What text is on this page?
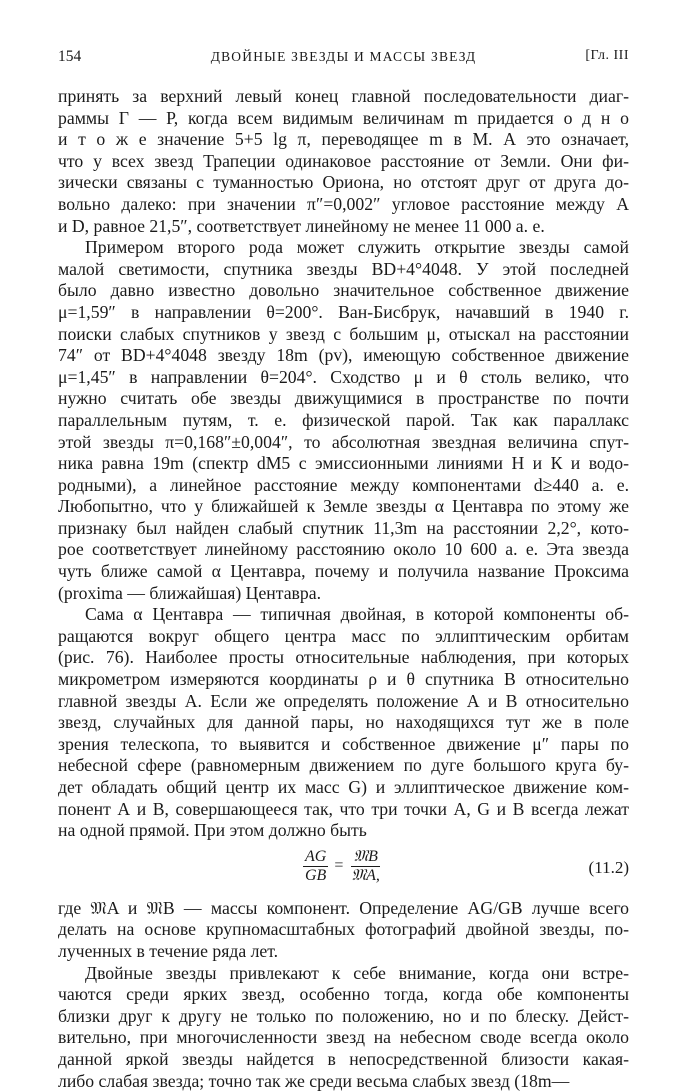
154	ДВОЙНЫЕ ЗВЕЗДЫ И МАССЫ ЗВЕЗД	[Гл. III

принять за верхний левый конец главной последовательности диаг-

раммы Г — Р, когда всем видимым величинам m придается о д н о

и т о ж е значение 5+5 lg π, переводящее m в M. А это означает,

что у всех звезд Трапеции одинаковое расстояние от Земли. Они фи-

зически связаны с туманностью Ориона, но отстоят друг от друга до-

вольно далеко: при значении π″=0,002″ угловое расстояние между А

и D, равное 21,5″, соответствует линейному не менее 11 000 а. е.

Примером второго рода может служить открытие звезды самой

малой светимости, спутника звезды BD+4°4048. У этой последней

было давно известно довольно значительное собственное движение

μ=1,59″ в направлении θ=200°. Ван-Бисбрук, начавший в 1940 г.

поиски слабых спутников у звезд с большим μ, отыскал на расстоянии

74″ от BD+4°4048 звезду 18m (pv), имеющую собственное движение

μ=1,45″ в направлении θ=204°. Сходство μ и θ столь велико, что

нужно считать обе звезды движущимися в пространстве по почти

параллельным путям, т. е. физической парой. Так как параллакс

этой звезды π=0,168″±0,004″, то абсолютная звездная величина спут-

ника равна 19m (спектр dM5 с эмиссионными линиями Н и К и водо-

родными), а линейное расстояние между компонентами d≥440 а. е.

Любопытно, что у ближайшей к Земле звезды α Центавра по этому же

признаку был найден слабый спутник 11,3m на расстоянии 2,2°, кото-

рое соответствует линейному расстоянию около 10 600 а. е. Эта звезда

чуть ближе самой α Центавра, почему и получила название Проксима

(proxima — ближайшая) Центавра.

Сама α Центавра — типичная двойная, в которой компоненты об-

ращаются вокруг общего центра масс по эллиптическим орбитам

(рис. 76). Наиболее просты относительные наблюдения, при которых

микрометром измеряются координаты ρ и θ спутника В относительно

главной звезды А. Если же определять положение А и В относительно

звезд, случайных для данной пары, но находящихся тут же в поле

зрения телескопа, то выявится и собственное движение μ″ пары по

небесной сфере (равномерным движением по дуге большого круга бу-

дет обладать общий центр их масс G) и эллиптическое движение ком-

понент А и В, совершающееся так, что три точки А, G и В всегда лежат

на одной прямой. При этом должно быть

$\frac{AG}{GB} = \frac{\text{𝔐B}}{\text{𝔐A,}}$	(11.2)

где 𝔐A и 𝔐B — массы компонент. Определение AG/GB лучше всего

делать на основе крупномасштабных фотографий двойной звезды, по-

лученных в течение ряда лет.

Двойные звезды привлекают к себе внимание, когда они встре-

чаются среди ярких звезд, особенно тогда, когда обе компоненты

близки друг к другу не только по положению, но и по блеску. Дейст-

вительно, при многочисленности звезд на небесном своде всегда около

данной яркой звезды найдется в непосредственной близости какая-

либо слабая звезда; точно так же среди весьма слабых звезд (18m—
